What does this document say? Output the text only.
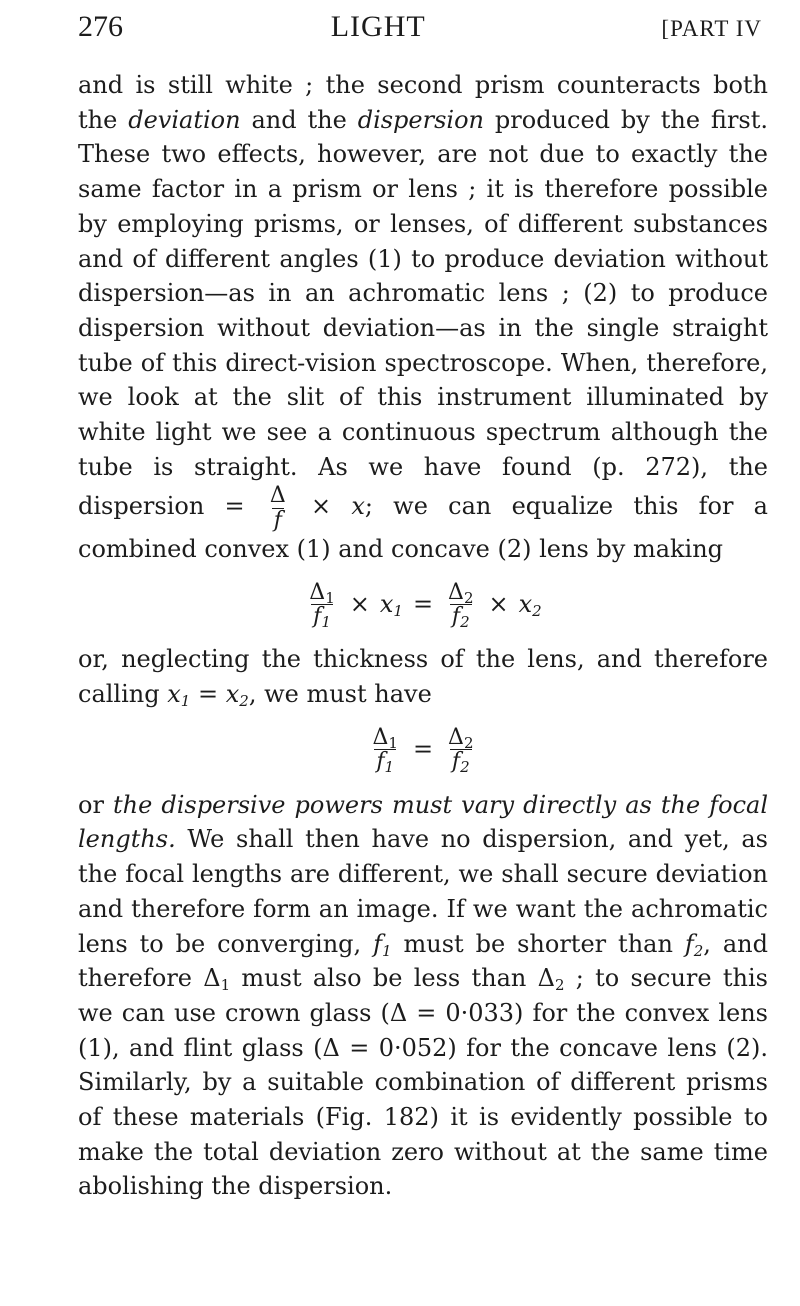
276	LIGHT	[PART IV

and is still white ; the second prism counteracts both the deviation and the dispersion produced by the first. These two effects, however, are not due to exactly the same factor in a prism or lens ; it is therefore possible by employing prisms, or lenses, of different substances and of different angles (1) to produce deviation without dispersion—as in an achromatic lens ; (2) to produce dispersion without deviation—as in the single straight tube of this direct-vision spectroscope. When, therefore, we look at the slit of this instrument illuminated by white light we see a continuous spectrum although the tube is straight. As we have found (p. 272), the dispersion = $\frac{\Delta}{f} \times x$; we can equalize this for a combined convex (1) and concave (2) lens by making

$\frac{\Delta_1}{f_1} \times x_1 = \frac{\Delta_2}{f_2} \times x_2$

or, neglecting the thickness of the lens, and therefore calling $x_1 = x_2$, we must have

$\frac{\Delta_1}{f_1} = \frac{\Delta_2}{f_2}$

or the dispersive powers must vary directly as the focal lengths. We shall then have no dispersion, and yet, as the focal lengths are different, we shall secure deviation and therefore form an image. If we want the achromatic lens to be converging, $f_1$ must be shorter than $f_2$, and therefore $\Delta_1$ must also be less than $\Delta_2$ ; to secure this we can use crown glass (Δ = 0·033) for the convex lens (1), and flint glass (Δ = 0·052) for the concave lens (2). Similarly, by a suitable combination of different prisms of these materials (Fig. 182) it is evidently possible to make the total deviation zero without at the same time abolishing the dispersion.
